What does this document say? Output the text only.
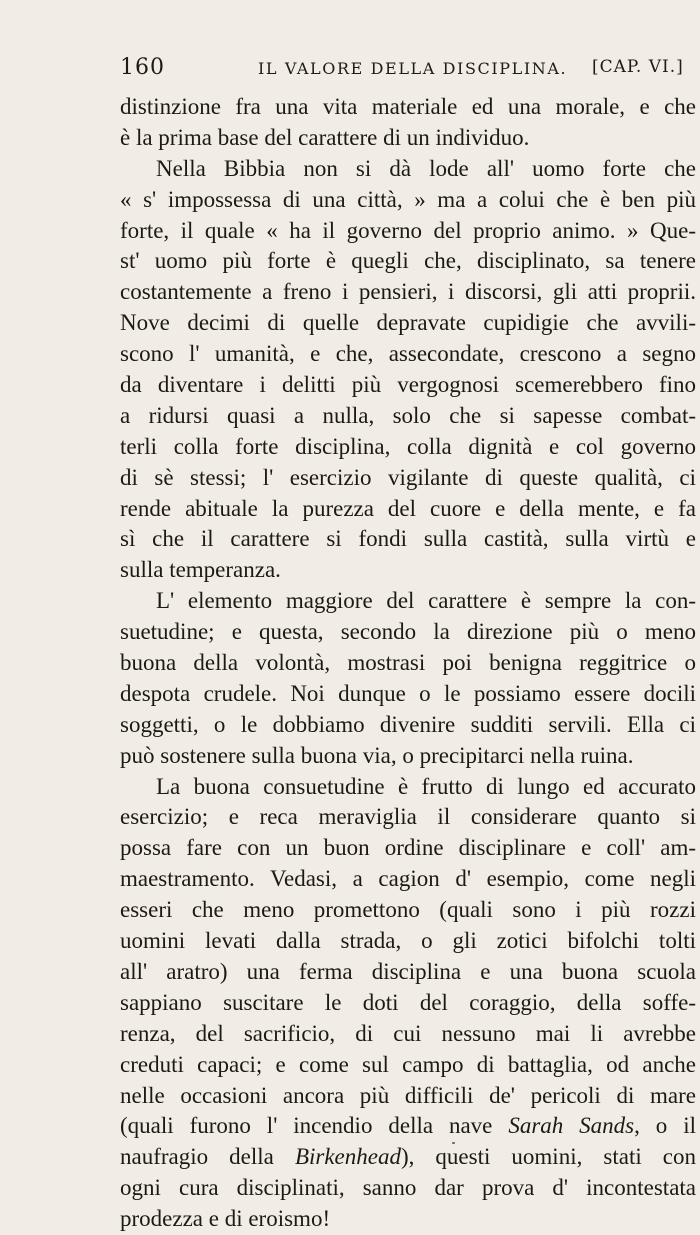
160	IL VALORE DELLA DISCIPLINA. [CAP. VI.]
distinzione fra una vita materiale ed una morale, e che
è la prima base del carattere di un individuo.
Nella Bibbia non si dà lode all' uomo forte che
« s' impossessa di una città, » ma a colui che è ben più
forte, il quale « ha il governo del proprio animo. » Que-
st' uomo più forte è quegli che, disciplinato, sa tenere
costantemente a freno i pensieri, i discorsi, gli atti proprii.
Nove decimi di quelle depravate cupidigie che avvili-
scono l' umanità, e che, assecondate, crescono a segno
da diventare i delitti più vergognosi scemerebbero fino
a ridursi quasi a nulla, solo che si sapesse combat-
terli colla forte disciplina, colla dignità e col governo
di sè stessi; l' esercizio vigilante di queste qualità, ci
rende abituale la purezza del cuore e della mente, e fa
sì che il carattere si fondi sulla castità, sulla virtù e
sulla temperanza.
L' elemento maggiore del carattere è sempre la con-
suetudine; e questa, secondo la direzione più o meno
buona della volontà, mostrasi poi benigna reggitrice o
despota crudele. Noi dunque o le possiamo essere docili
soggetti, o le dobbiamo divenire sudditi servili. Ella ci
può sostenere sulla buona via, o precipitarci nella ruina.
La buona consuetudine è frutto di lungo ed accurato
esercizio; e reca meraviglia il considerare quanto si
possa fare con un buon ordine disciplinare e coll' am-
maestramento. Vedasi, a cagion d' esempio, come negli
esseri che meno promettono (quali sono i più rozzi
uomini levati dalla strada, o gli zotici bifolchi tolti
all' aratro) una ferma disciplina e una buona scuola
sappiano suscitare le doti del coraggio, della soffe-
renza, del sacrificio, di cui nessuno mai li avrebbe
creduti capaci; e come sul campo di battaglia, od anche
nelle occasioni ancora più difficili de' pericoli di mare
(quali furono l' incendio della nave Sarah Sands, o il
naufragio della Birkenhead), questi uomini, stati con
ogni cura disciplinati, sanno dar prova d' incontestata
prodezza e di eroismo!
